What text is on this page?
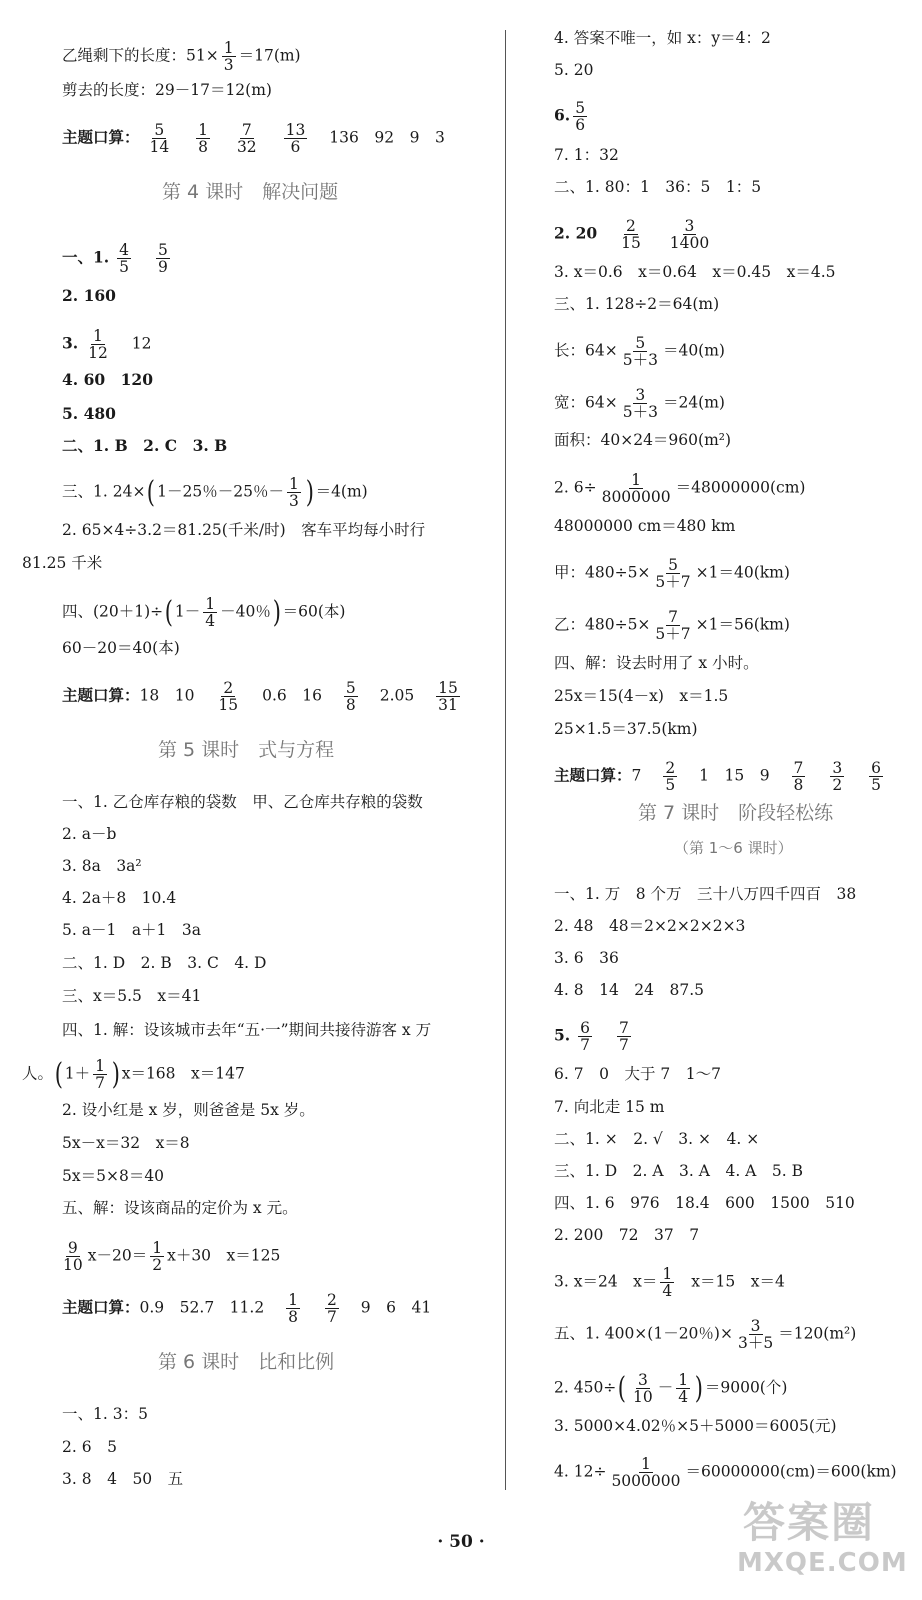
乙绳剩下的长度：$51\times \frac{1}{3} =17(m)$
剪去的长度：29－17＝12(m)
主题口算： $\frac{5}{14}$
$\frac{1}{8}$
$\frac{7}{32}$
$\frac{13}{6} 136$　92　9　3
第 4 课时　解决问题
一、1. $\frac{4}{5}$
$\frac{5}{9}$
2. 160
3. $\frac{1}{12} 12$
4. 60　120
5. 480
二、1. B　2. C　3. B
三、1. 24×( 1－25％－25％－ $\frac{1}{3}$ ) ＝4(m)
2. 65×4÷3.2＝81.25(千米/时)　客车平均每小时行
81.25 千米
四、(20＋1)÷( $1- \frac{1}{4} -40$％) ＝60(本)
60－20＝40(本)
主题口算：18　$10 \frac{2}{15} 0.6$　$16 \frac{5}{8} 2.05 \frac{15}{31}$
第 5 课时　式与方程
一、1. 乙仓库存粮的袋数　甲、乙仓库共存粮的袋数
2. a－b
3. 8a　3a²
4. 2a＋8　10.4
5. a－1　a＋1　3a
二、1. D　2. B　3. C　4. D
三、x＝5.5　x＝41
四、1. 解：设该城市去年“五·一”期间共接待游客 x 万
人。( $1+ \frac{1}{7}$ ) x＝168　x＝147
2. 设小红是 x 岁，则爸爸是 5x 岁。
5x－x＝32　x＝8
5x＝5×8＝40
五、解：设该商品的定价为 x 元。
$\frac{9}{10} x-20= \frac{1}{2} x+30$　x＝125
主题口算：0.9　52.7　$11.2 \frac{1}{8}$
$\frac{2}{7} 9$　6　41
第 6 课时　比和比例
一、1. 3：5
2. 6　5
3. 8　4　50　五
4. 答案不唯一，如 x：y＝4：2
5. 20
6. $\frac{5}{6}$
7. 1：32
二、1. 80：1　36：5　1：5
2. $20 \frac{2}{15}$
$\frac{3}{1400}$
3. x＝0.6　x＝0.64　x＝0.45　x＝4.5
三、1. 128÷2＝64(m)
长：$64\times \frac{5}{5+3} =40(m)$
宽：$64\times \frac{3}{5+3} =24(m)$
面积：40×24＝960(m²)
2. $6\div \frac{1}{8000000} =48000000(cm)$
48000000 cm＝480 km
甲：$480\div 5\times \frac{5}{5+7} \times 1=40(km)$
乙：$480\div 5\times \frac{7}{5+7} \times 1=56(km)$
四、解：设去时用了 x 小时。
25x＝15(4－x)　x＝1.5
25×1.5＝37.5(km)
主题口算：$7 \frac{2}{5} 1$　15　$9 \frac{7}{8}$
$\frac{3}{2}$
$\frac{6}{5}$
第 7 课时　阶段轻松练
（第 1～6 课时）
一、1. 万　8 个万　三十八万四千四百　38
2. 48　48＝2×2×2×2×3
3. 6　36
4. 8　14　24　87.5
5. $\frac{6}{7}$
$\frac{7}{7}$
6. 7　0　大于 7　1～7
7. 向北走 15 m
二、1. ×　2. √　3. ×　4. ×
三、1. D　2. A　3. A　4. A　5. B
四、1. 6　976　18.4　600　1500　510
2. 200　72　37　7
3. x＝24　$x= \frac{1}{4} x=15$　x＝4
五、1. 400×(1－20％)× $\frac{3}{3+5} =120(m^2)$
2. $450\div( \frac{3}{10} - \frac{1}{4}$ ) ＝9000(个)
3. 5000×4.02％×5＋5000＝6005(元)
4. $12\div \frac{1}{5000000} =60000000(cm)=600(km)$
· 50 ·	答案圈
MXQE.COM
